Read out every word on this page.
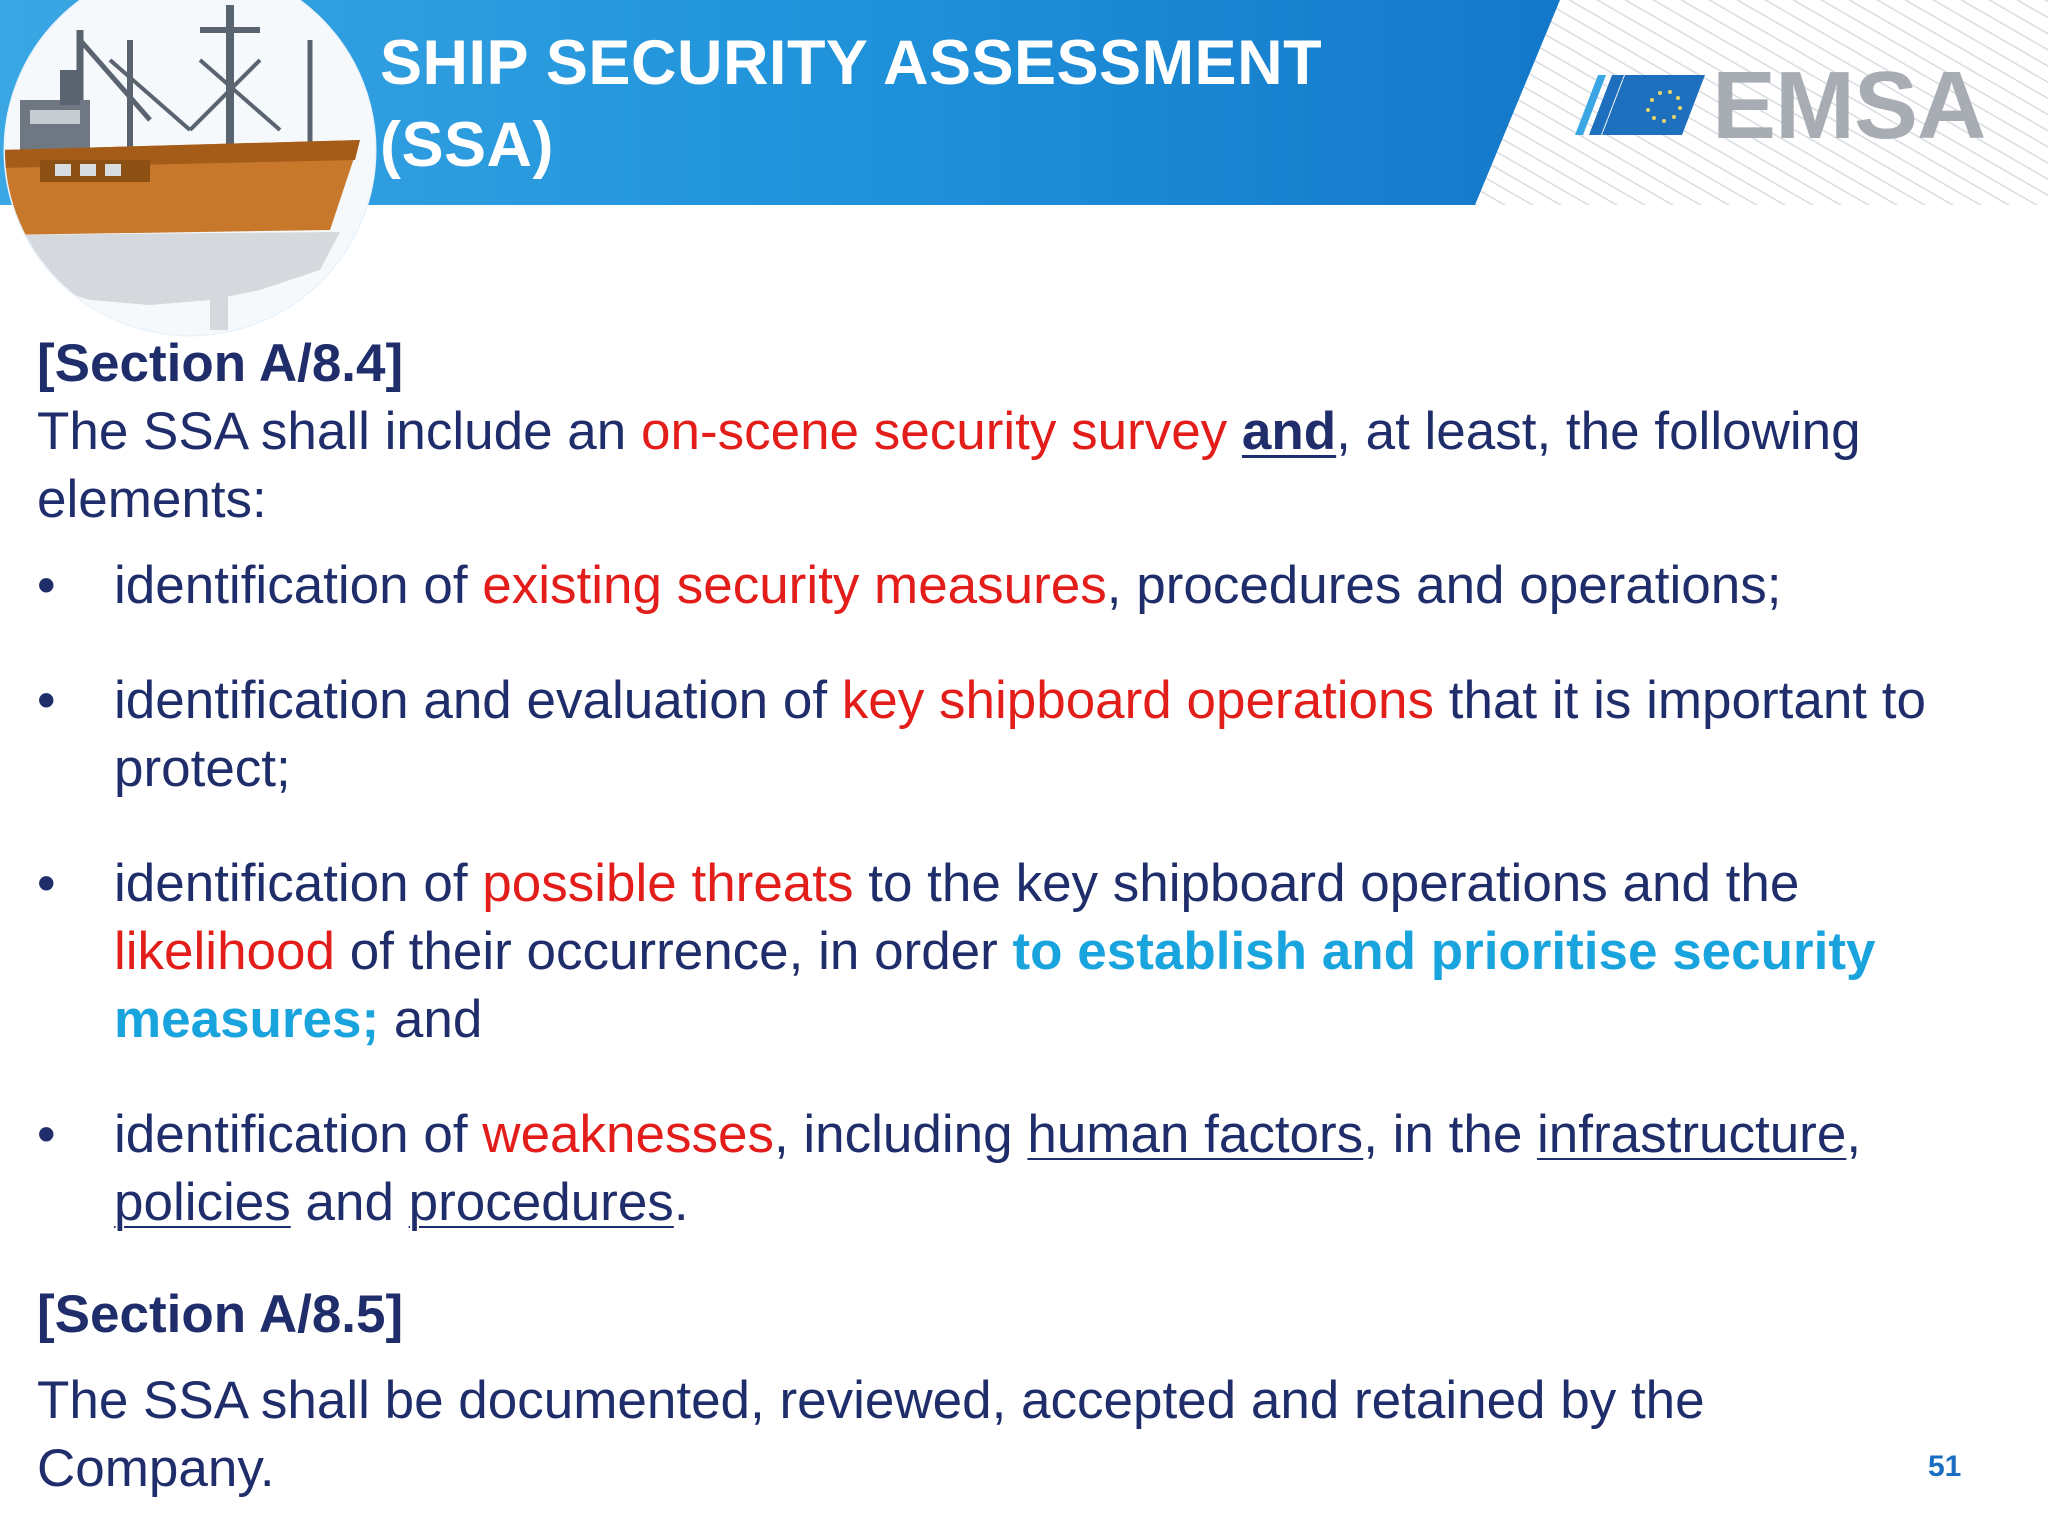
SHIP SECURITY ASSESSMENT
(SSA)	EMSA
[Section A/8.4]

The SSA shall include an on-scene security survey and, at least, the following elements:

• identification of existing security measures, procedures and operations;
• identification and evaluation of key shipboard operations that it is important to protect;
• identification of possible threats to the key shipboard operations and the likelihood of their occurrence, in order to establish and prioritise security measures; and
• identification of weaknesses, including human factors, in the infrastructure, policies and procedures.
[Section A/8.5]

The SSA shall be documented, reviewed, accepted and retained by the Company.	51
